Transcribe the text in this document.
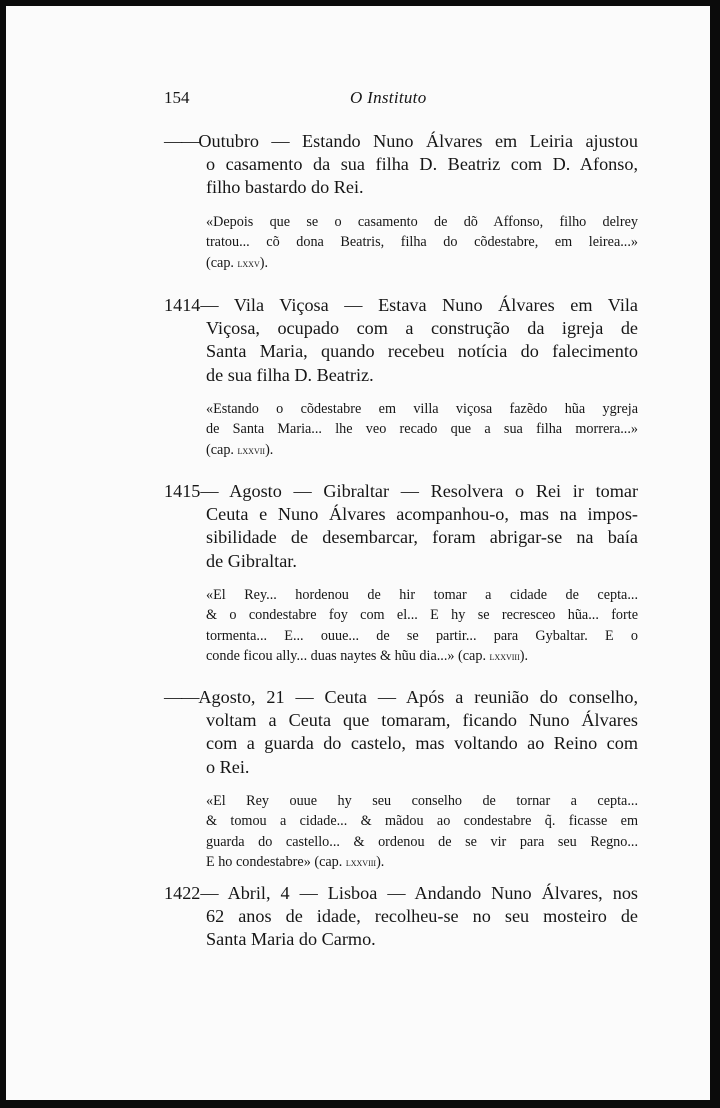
154	O Instituto
——Outubro — Estando Nuno Álvares em Leiria ajustou
o casamento da sua filha D. Beatriz com D. Afonso,
filho bastardo do Rei.
«Depois que se o casamento de dõ Affonso, filho delrey
tratou... cõ dona Beatris, filha do cõdestabre, em leirea...»
(cap. lxxv).
1414— Vila Viçosa — Estava Nuno Álvares em Vila
Viçosa, ocupado com a construção da igreja de
Santa Maria, quando recebeu notícia do falecimento
de sua filha D. Beatriz.
«Estando o cõdestabre em villa viçosa fazẽdo hũa ygreja
de Santa Maria... lhe veo recado que a sua filha morrera...»
(cap. lxxvii).
1415— Agosto — Gibraltar — Resolvera o Rei ir tomar
Ceuta e Nuno Álvares acompanhou-o, mas na impos-
sibilidade de desembarcar, foram abrigar-se na baía
de Gibraltar.
«El Rey... hordenou de hir tomar a cidade de cepta...
& o condestabre foy com el... E hy se recresceo hũa... forte
tormenta... E... ouue... de se partir... para Gybaltar. E o
conde ficou ally... duas naytes & hũu dia...» (cap. lxxviii).
——Agosto, 21 — Ceuta — Após a reunião do conselho,
voltam a Ceuta que tomaram, ficando Nuno Álvares
com a guarda do castelo, mas voltando ao Reino com
o Rei.
«El Rey ouue hy seu conselho de tornar a cepta...
& tomou a cidade... & mãdou ao condestabre q̃. ficasse em
guarda do castello... & ordenou de se vir para seu Regno...
E ho condestabre» (cap. lxxviii).
1422— Abril, 4 — Lisboa — Andando Nuno Álvares, nos
62 anos de idade, recolheu-se no seu mosteiro de
Santa Maria do Carmo.
